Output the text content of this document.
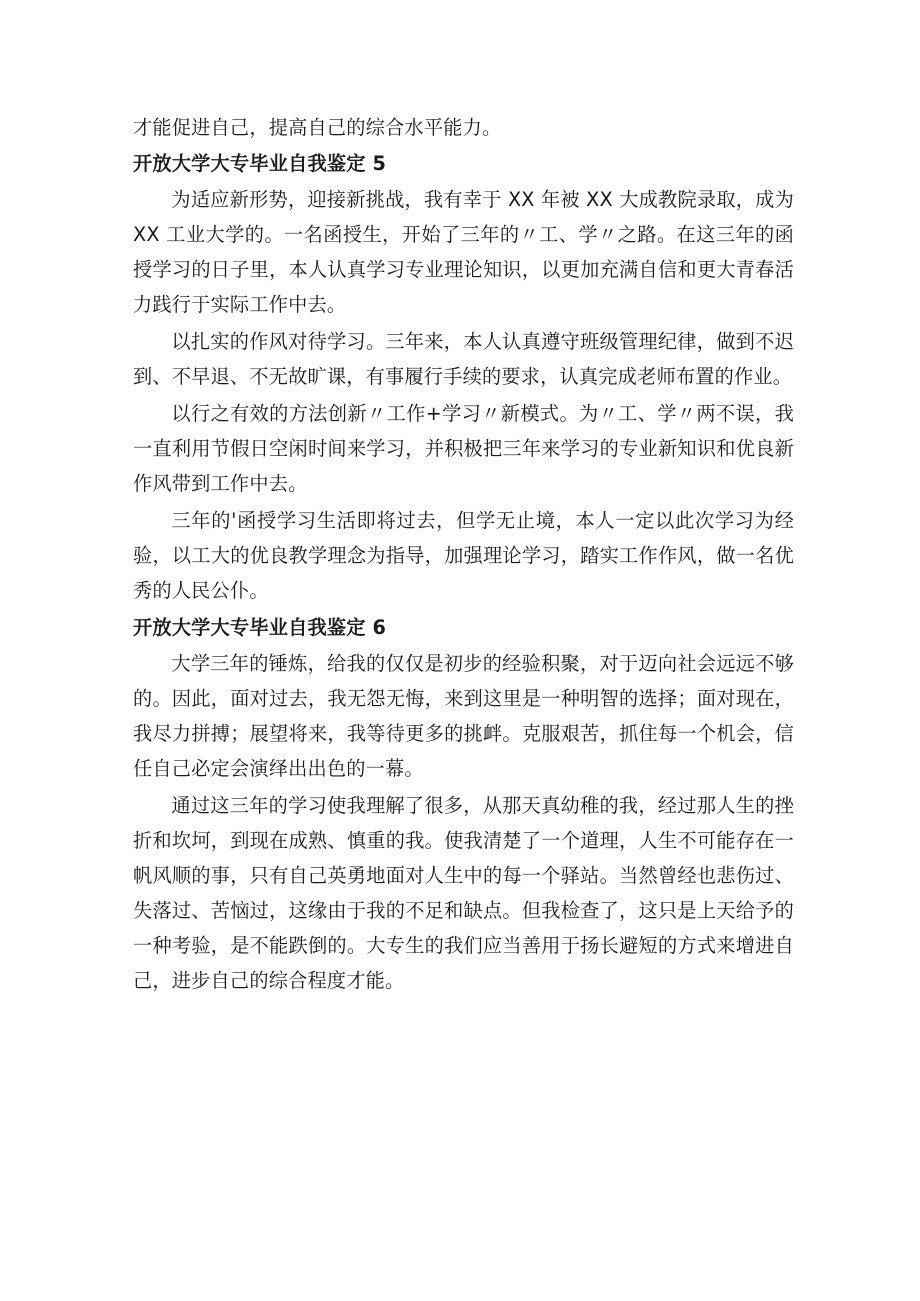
才能促进自己，提高自己的综合水平能力。

开放大学大专毕业自我鉴定 5

为适应新形势，迎接新挑战，我有幸于 XX 年被 XX 大成教院录取，成为 XX 工业大学的。一名函授生，开始了三年的〃工、学〃之路。在这三年的函授学习的日子里，本人认真学习专业理论知识，以更加充满自信和更大青春活力践行于实际工作中去。

以扎实的作风对待学习。三年来，本人认真遵守班级管理纪律，做到不迟到、不早退、不无故旷课，有事履行手续的要求，认真完成老师布置的作业。

以行之有效的方法创新〃工作+学习〃新模式。为〃工、学〃两不误，我一直利用节假日空闲时间来学习，并积极把三年来学习的专业新知识和优良新作风带到工作中去。

三年的'函授学习生活即将过去，但学无止境，本人一定以此次学习为经验，以工大的优良教学理念为指导，加强理论学习，踏实工作作风，做一名优秀的人民公仆。

开放大学大专毕业自我鉴定 6

大学三年的锤炼，给我的仅仅是初步的经验积聚，对于迈向社会远远不够的。因此，面对过去，我无怨无悔，来到这里是一种明智的选择；面对现在，我尽力拼搏；展望将来，我等待更多的挑衅。克服艰苦，抓住每一个机会，信任自己必定会演绎出出色的一幕。

通过这三年的学习使我理解了很多，从那天真幼稚的我，经过那人生的挫折和坎坷，到现在成熟、慎重的我。使我清楚了一个道理，人生不可能存在一帆风顺的事，只有自己英勇地面对人生中的每一个驿站。当然曾经也悲伤过、失落过、苦恼过，这缘由于我的不足和缺点。但我检查了，这只是上天给予的一种考验，是不能跌倒的。大专生的我们应当善用于扬长避短的方式来增进自己，进步自己的综合程度才能。
